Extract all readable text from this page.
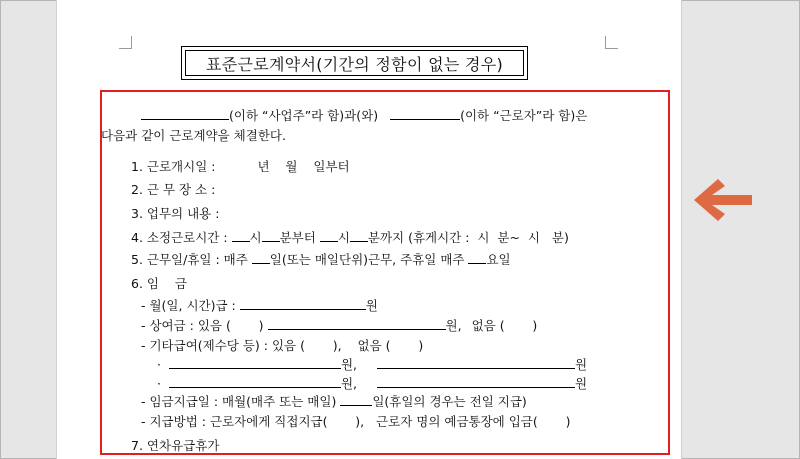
표준근로계약서(기간의 정함이 없는 경우)
(이하 “사업주”라 함)과(와)	(이하 “근로자”라 함)은
다음과 같이 근로계약을 체결한다.
1. 근로개시일 :	년    월    일부터
2. 근 무 장 소 :
3. 업무의 내용 :
4. 소정근로시간 : 시 분부터 시 분까지 (휴게시간 :  시  분~  시   분)
5. 근무일/휴일 : 매주 일(또는 매일단위)근무, 주휴일 매주 요일
6. 임    금
- 월(일, 시간)급 :	원
- 상여금 : 있음 (       )	원, 없음 (       )
- 기타급여(제수당 등) : 있음 (       ),    없음 (       )
·	원,	원
·	원,	원
- 임금지급일 : 매월(매주 또는 매일)	일(휴일의 경우는 전일 지급)
- 지급방법 : 근로자에게 직접지급(       ),   근로자 명의 예금통장에 입금(       )
7. 연차유급휴가
